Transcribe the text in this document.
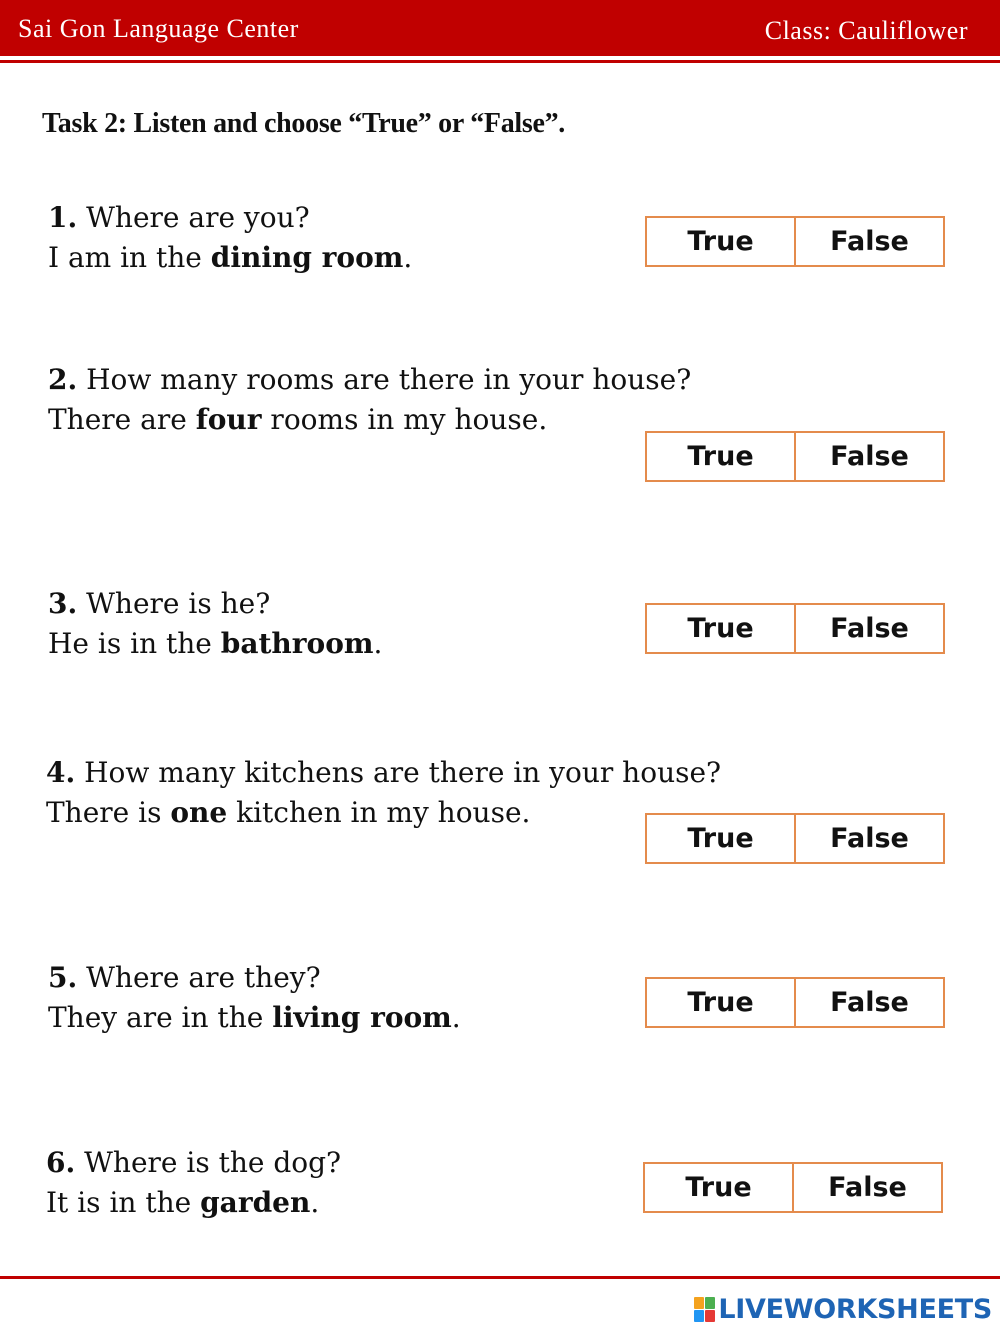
Sai Gon Language Center	Class: Cauliflower
Task 2: Listen and choose “True” or “False”.
1. Where are you?
I am in the dining room.	True	False
2. How many rooms are there in your house?
There are four rooms in my house.
True	False
3. Where is he?
He is in the bathroom.	True	False
4. How many kitchens are there in your house?
There is one kitchen in my house.
True	False
5. Where are they?
They are in the living room.	True	False
6. Where is the dog?
It is in the garden.	True	False
LIVEWORKSHEETS
